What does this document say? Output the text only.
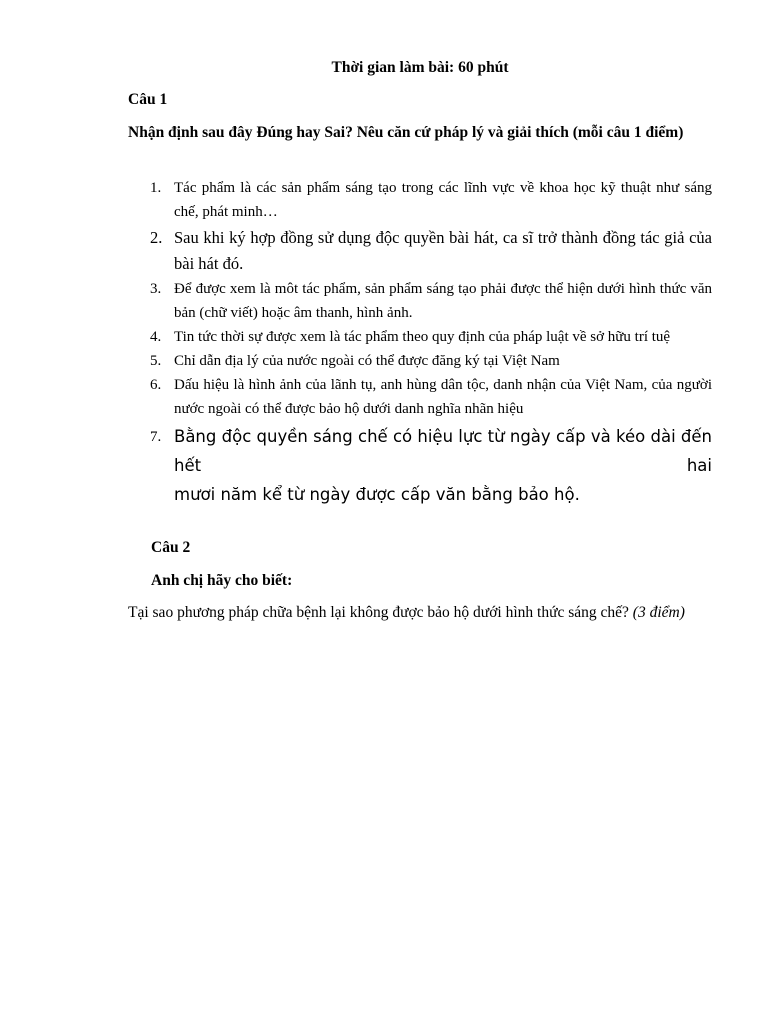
Thời gian làm bài: 60 phút
Câu 1
Nhận định sau đây Đúng hay Sai? Nêu căn cứ pháp lý và giải thích (mỗi câu 1 điểm)
1. Tác phẩm là các sản phẩm sáng tạo trong các lĩnh vực về khoa học kỹ thuật như sáng chế, phát minh…
2. Sau khi ký hợp đồng sử dụng độc quyền bài hát, ca sĩ trở thành đồng tác giả của bài hát đó.
3. Để được xem là môt tác phẩm, sản phẩm sáng tạo phải được thể hiện dưới hình thức văn bản (chữ viết) hoặc âm thanh, hình ảnh.
4. Tin tức thời sự được xem là tác phẩm theo quy định của pháp luật về sở hữu trí tuệ
5. Chỉ dẫn địa lý của nước ngoài có thể được đăng ký tại Việt Nam
6. Dấu hiệu là hình ảnh của lãnh tụ, anh hùng dân tộc, danh nhận của Việt Nam, của người nước ngoài có thể được bảo hộ dưới danh nghĩa nhãn hiệu
7. Bằng độc quyền sáng chế có hiệu lực từ ngày cấp và kéo dài đến hết hai
mươi năm kể từ ngày được cấp văn bằng bảo hộ.
Câu 2
Anh chị hãy cho biết:
Tại sao phương pháp chữa bệnh lại không được bảo hộ dưới hình thức sáng chế? (3 điểm)
